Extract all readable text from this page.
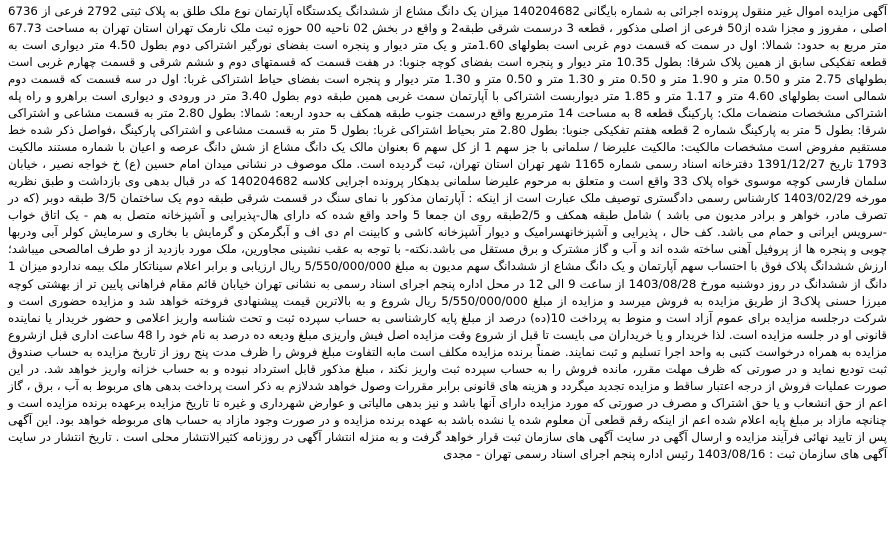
آگهی مزایده اموال غیر منقول پرونده اجرائی به شماره بایگانی 140204682 میزان یک دانگ مشاع از ششدانگ یکدستگاه آپارتمان نوع ملک طلق به پلاک ثبتی 2792 فرعی از 6736 اصلی ، مفروز و مجزا شده از50 فرعی از اصلی مذکور ، قطعه 3 درسمت شرقی طبقه2 و واقع در بخش 02 ناحیه 00 حوزه ثبت ملک نارمک تهران استان تهران به مساحت 67.73 متر مربع به حدود: شمالا: اول در سمت که قسمت دوم غربی است بطولهای 1.60متر و یک متر دیوار و پنجره است بفضای نورگیر اشتراکی دوم بطول 4.50 متر دیواری است به قطعه تفکیکی سابق از همین پلاک شرقا: بطول 10.35 متر دیوار و پنجره است بفضای کوچه جنوبا: در هفت قسمت که قسمتهای دوم و ششم شرقی و قسمت چهارم غربی است بطولهای 2.75 متر و 0.50 متر و 1.90 متر و 0.50 متر و 1.30 متر و 0.50 متر و 1.30 متر دیوار و پنجره است بفضای حیاط اشتراکی غربا: اول در سه قسمت که قسمت دوم شمالی است بطولهای 4.60 متر و 1.17 متر و 1.85 متر دیواربست اشتراکی با آپارتمان سمت غربی همین طبقه دوم بطول 3.40 متر در ورودی و دیواری است براهرو و راه پله اشتراکی مشخصات منضمات ملک: پارکینگ قطعه 8 به مساحت 14 مترمربع واقع درسمت جنوب طبقه همکف به حدود اربعه: شمالا: بطول 2.80 متر به قسمت مشاعی و اشتراکی شرقا: بطول 5 متر به پارکینگ شماره 2 قطعه هفتم تفکیکی جنوبا: بطول 2.80 متر بحیاط اشتراکی غربا: بطول 5 متر به قسمت مشاعی و اشتراکی پارکینگ ،فواصل ذکر شده خط مستقیم مفروض است مشخصات مالکیت: مالکیت علیرضا / سلمانی با جز سهم 1 از کل سهم 6 بعنوان مالک یک دانگ مشاع از شش دانگ عرصه و اعیان با شماره مستند مالکیت 1793 تاریخ 1391/12/27 دفترخانه اسناد رسمی شماره 1165 شهر تهران استان تهران، ثبت گردیده است. ملک موصوف در نشانی میدان امام حسین (ع) خ خواجه نصیر ، خیابان سلمان فارسی کوچه موسوی خواه پلاک 33 واقع است و متعلق به مرحوم علیرضا سلمانی بدهکار پرونده اجرایی کلاسه 140204682 که در قبال بدهی وی بازداشت و طبق نظریه مورخه 1403/02/29 کارشناس رسمی دادگستری توصیف ملک عبارت است از اینکه : آپارتمان مذکور با نمای سنگ در قسمت شرقی طبقه دوم یک ساختمان 3/5 طبقه دوبر (که در تصرف مادر، خواهر و برادر مدیون می باشد ) شامل طبقه همکف و 2/5طبقه روی ان جمعا 5 واحد واقع شده که دارای هال-پذیرایی و آشپزخانه متصل به هم - یک اتاق خواب -سرویس ایرانی و حمام می باشد. کف حال ، پذیرایی و آشپزخانهسرامیک و دیوار آشپزخانه کاشی و کابینت ام دی اف و آبگرمکن و گرمایش با بخاری و سرمایش کولر آبی ودربها چوبی و پنجره ها از پروفیل آهنی ساخته شده اند و آب و گاز مشترک و برق مستقل می باشد.نکته- با توجه به عقب نشینی مجاورین، ملک مورد بازدید از دو طرف امالصحی میباشد؛ ارزش ششدانگ پلاک فوق با احتساب سهم آپارتمان و یک دانگ مشاع از ششدانگ سهم مدیون به مبلغ 5/550/000/000 ریال ارزیابی و برابر اعلام سیناتکار ملک بیمه نداردو میزان 1 دانگ از ششدانگ در روز دوشنبه مورخ 1403/08/28 از ساعت 9 الی 12 در محل اداره پنجم اجرای اسناد رسمی به نشانی تهران خیابان قائم مقام فراهانی پایین تر از بهشتی کوچه میرزا حسنی پلاک3 از طریق مزایده به فروش میرسد و مزایده از مبلغ 5/550/000/000 ریال شروع و به بالاترین قیمت پیشنهادی فروخته خواهد شد و مزایده حضوری است و شرکت درجلسه مزایده برای عموم آزاد است و منوط به پرداخت 10(ده) درصد از مبلغ پایه کارشناسی به حساب سپرده ثبت و تحت شناسه واریز اعلامی و حضور خریدار یا نماینده قانونی او در جلسه مزایده است. لذا خریدار و یا خریداران می بایست تا قبل از شروع وقت مزایده اصل فیش واریزی مبلغ ودیعه ده درصد به نام خود را 48 ساعت اداری قبل ازشروع مزایده به همراه درخواست کتبی به واحد اجرا تسلیم و ثبت نمایند. ضمناً برنده مزایده مکلف است مابه التفاوت مبلغ فروش را ظرف مدت پنج روز از تاریخ مزایده به حساب صندوق ثبت تودیع نماید و در صورتی که ظرف مهلت مقرر، مانده فروش را به حساب سپرده ثبت واریز نکند ، مبلغ مذکور قابل استرداد نبوده و به حساب خزانه واریز خواهد شد. در این صورت عملیات فروش از درجه اعتبار ساقط و مزایده تجدید میگردد و هزینه های قانونی برابر مقررات وصول خواهد شدلازم به ذکر است پرداخت بدهی های مربوط به آب ، برق ، گاز اعم از حق انشعاب و یا حق اشتراک و مصرف در صورتی که مورد مزایده دارای آنها باشد و نیز بدهی مالیاتی و عوارض شهرداری و غیره تا تاریخ مزایده برعهده برنده مزایده است و چنانچه مازاد بر مبلغ پایه اعلام شده اعم از اینکه رقم قطعی آن معلوم شده یا نشده باشد به عهده برنده مزایده و در صورت وجود مازاد به حساب های مربوطه خواهد بود. این آگهی پس از تایید نهائی فرآیند مزایده و ارسال آگهی در سایت آگهی های سازمان ثبت قرار خواهد گرفت و به منزله انتشار آگهی در روزنامه کثیرالانتشار محلی است . تاریخ انتشار در سایت آگهی های سازمان ثبت : 1403/08/16 رئیس اداره پنجم اجرای اسناد رسمی تهران - مجدی
